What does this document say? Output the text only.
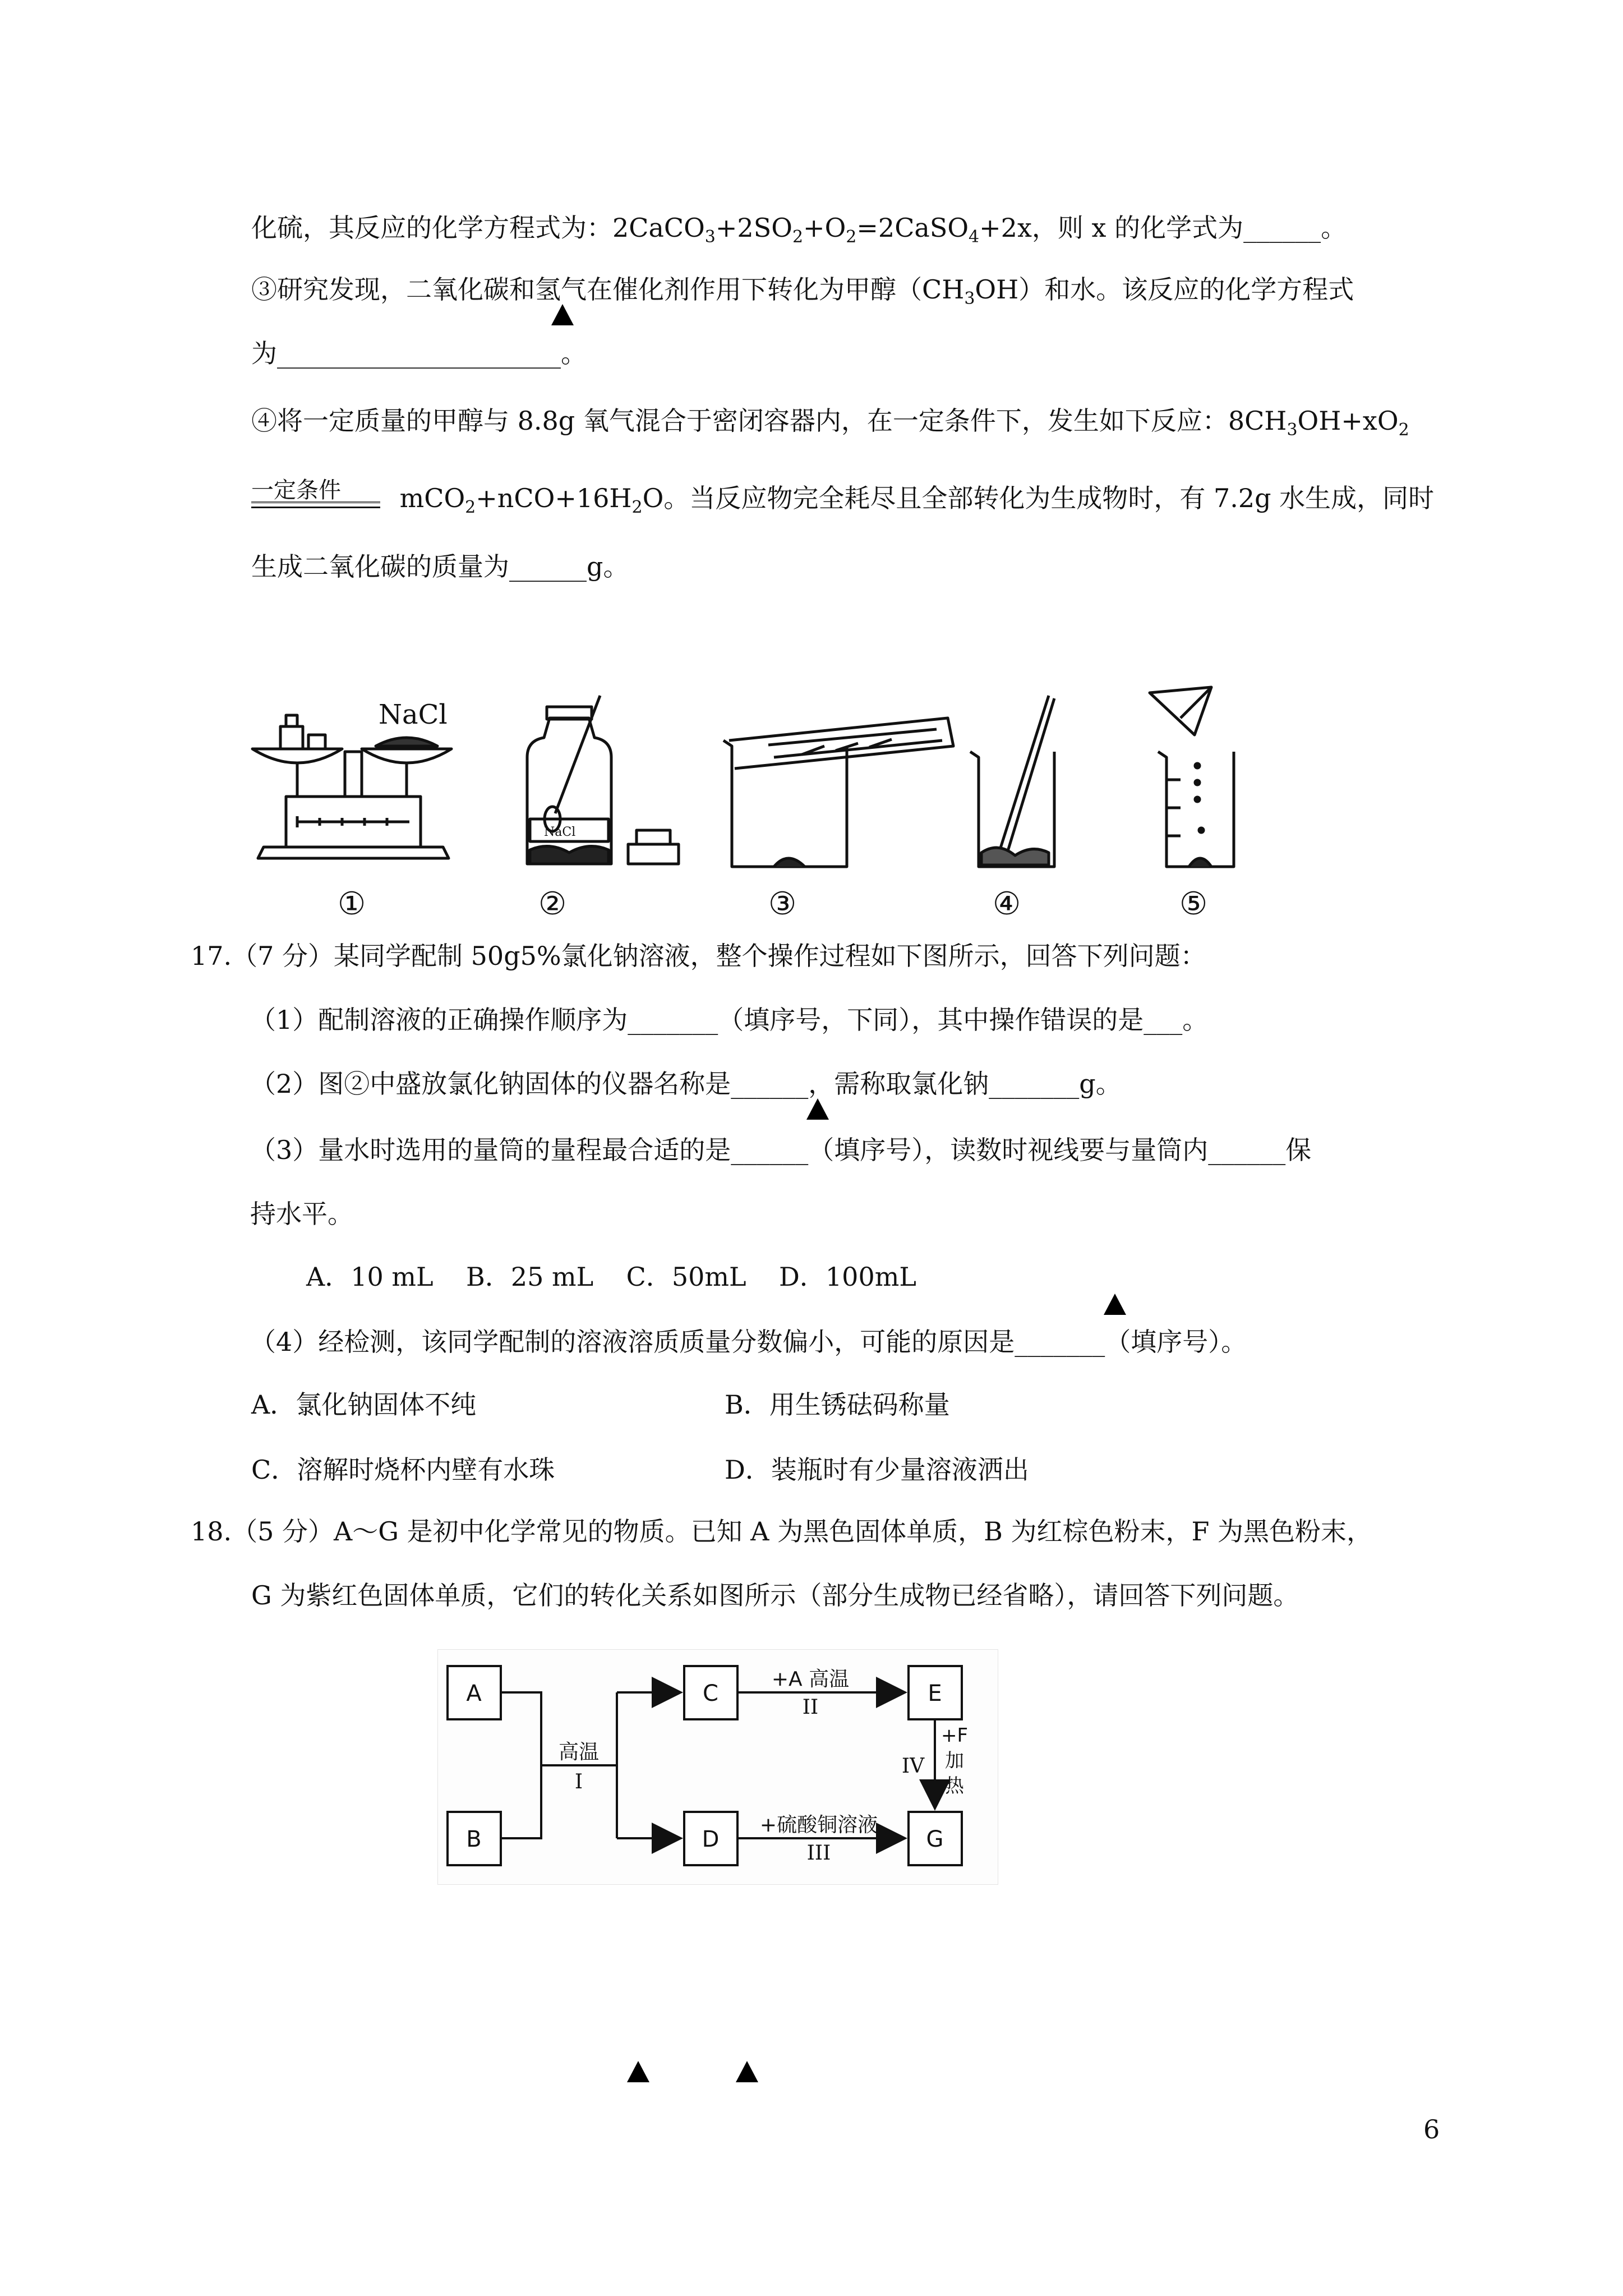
化硫，其反应的化学方程式为：$2CaCO_3+2SO_2+O_2=2CaSO_4+2x$，则 x 的化学式为______。
③研究发现，二氧化碳和氢气在催化剂作用下转化为甲醇$(CH_3OH)$和水。该反应的化学方程式
为______________________。
④将一定质量的甲醇与 8.8g 氧气混合于密闭容器内，在一定条件下，发生如下反应：$8CH_3OH+xO_2$
一定条件 $mCO_2+nCO+16H_2O$。当反应物完全耗尽且全部转化为生成物时，有 7.2g 水生成，同时
生成二氧化碳的质量为______g。
NaCl
NaCl
①	②	③	④	⑤
17.（7 分）某同学配制 50g5%氯化钠溶液，整个操作过程如下图所示，回答下列问题：
（1）配制溶液的正确操作顺序为_______（填序号，下同），其中操作错误的是___。
（2）图②中盛放氯化钠固体的仪器名称是______，需称取氯化钠_______g。
（3）量水时选用的量筒的量程最合适的是______（填序号），读数时视线要与量筒内______保
持水平。
A．10 mL    B．25 mL    C．50mL    D．100mL
（4）经检测，该同学配制的溶液溶质质量分数偏小，可能的原因是_______（填序号）。
A．氯化钠固体不纯	B．用生锈砝码称量
C．溶解时烧杯内壁有水珠	D．装瓶时有少量溶液洒出
18.（5 分）A～G 是初中化学常见的物质。已知 A 为黑色固体单质，B 为红棕色粉末，F 为黑色粉末，
G 为紫红色固体单质，它们的转化关系如图所示（部分生成物已经省略），请回答下列问题。
A
B
C
D
E
G
高温
I
+A 高温
II
+硫酸铜溶液
III
IV
+F
加
热
6
